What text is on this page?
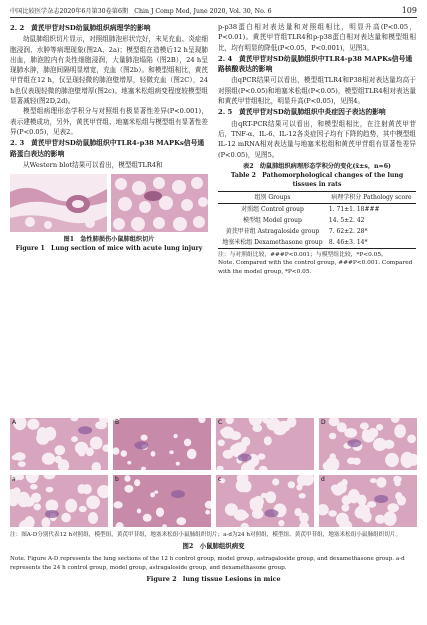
中国比较医学杂志2020年6月第30卷第6期　Chin J Comp Med, June 2020, Vol. 30, No. 6	109
2. 2　黄芪甲苷对SD幼鼠肺组织病理学的影响

幼鼠肺组织切片显示，对照组肺泡形状完好，未见充血、炎症细胞浸润、水肿等病理现象(图2A、2a)；模型组在造模后12 h呈现肺出血，肺泡腔内有炎性细胞浸润，大量肺泡塌陷（图2B），24 h呈现肺水肿，肺泡间隔明显增宽，充血（图2b）。和模型组相比，黄芪甲苷组在12 h，仅呈现轻微的肺泡壁增厚，轻微充血（图2C），24 h也仅表现轻微的肺泡壁增厚(图2c)。地塞米松组病变程度较模型组显著减轻(图2D,2d)。

模型组病理形态学积分与对照组有极显著性差异(P<0.001)，表示建模成功，另外，黄芪甲苷组、地塞米松组与模型组有显著性差异(P<0.05)，见表2。

2. 3　黄芪甲苷对SD幼鼠肺组织中TLR4-p38 MAPKs信号通路蛋白表达的影响

从Western blot结果可以看出，模型组TLR4和

图1　急性肺损伤小鼠肺组织切片
Figure 1　Lung section of mice with acute lung injury

p-p38蛋白相对表达量和对照组相比，明显升高(P<0.05，P<0.01)。黄芪甲苷组TLR4和p-p38蛋白相对表达量和模型组相比，均有明显的降低(P<0.05，P<0.001)，见图3。

2. 4　黄芪甲苷对SD幼鼠肺组织中TLR4-p38 MAPKs信号通路核酸表达的影响

由qPCR结果可以看出，模型组TLR4和P38相对表达量均高于对照组(P<0.05)和地塞米松组(P<0.05)，模型组TLR4相对表达量和黄芪甲苷组相比，明显升高(P<0.05)，见图4。

2. 5　黄芪甲苷对SD幼鼠肺组织中炎症因子表达的影响

由qRT-PCR结果可以看出，和模型组相比，在注射黄芪甲苷后，TNF-α、IL-6、IL-12各炎症因子均有下降的趋势，其中模型组IL-12 mRNA相对表达量与地塞米松组和黄芪甲苷组有显著性差异(P<0.05)，见图5。

表2　幼鼠肺组织病理形态学积分的变化(x̄±s，n=6)
Table 2　Pathomorphological changes of the lung tissues in rats
组别 Groups	病理学积分 Pathology score
对照组 Control group	1. 71±1. 18###
模型组 Model group	14. 5±2. 42
黄芪甲苷组 Astragaloside group	7. 62±2. 28*
地塞米松组 Dexamethasone group	8. 46±3. 14*
注：与对照组比较，###P<0.001；与模型组比较，*P<0.05。
Note. Compared with the control group, ###P<0.001. Compared with the model group, *P<0.05.
A	B	C	D
a	b	c	d
注：图A-D分别代表12 h对照组，模型组，黄芪甲苷组，地塞米松组小鼠肺组织切片；a-d为24 h对照组，模型组、黄芪甲苷组，地塞米松组小鼠肺组织切片。
图2　小鼠肺组织病变
Note. Figure A-D represents the lung sections of the 12 h control group, model group, astragaloside group, and dexamethasone group. a-d represents the 24 h control group, model group, astragaloside group, and dexamethasone group.
Figure 2　lung tissue Lesions in mice
